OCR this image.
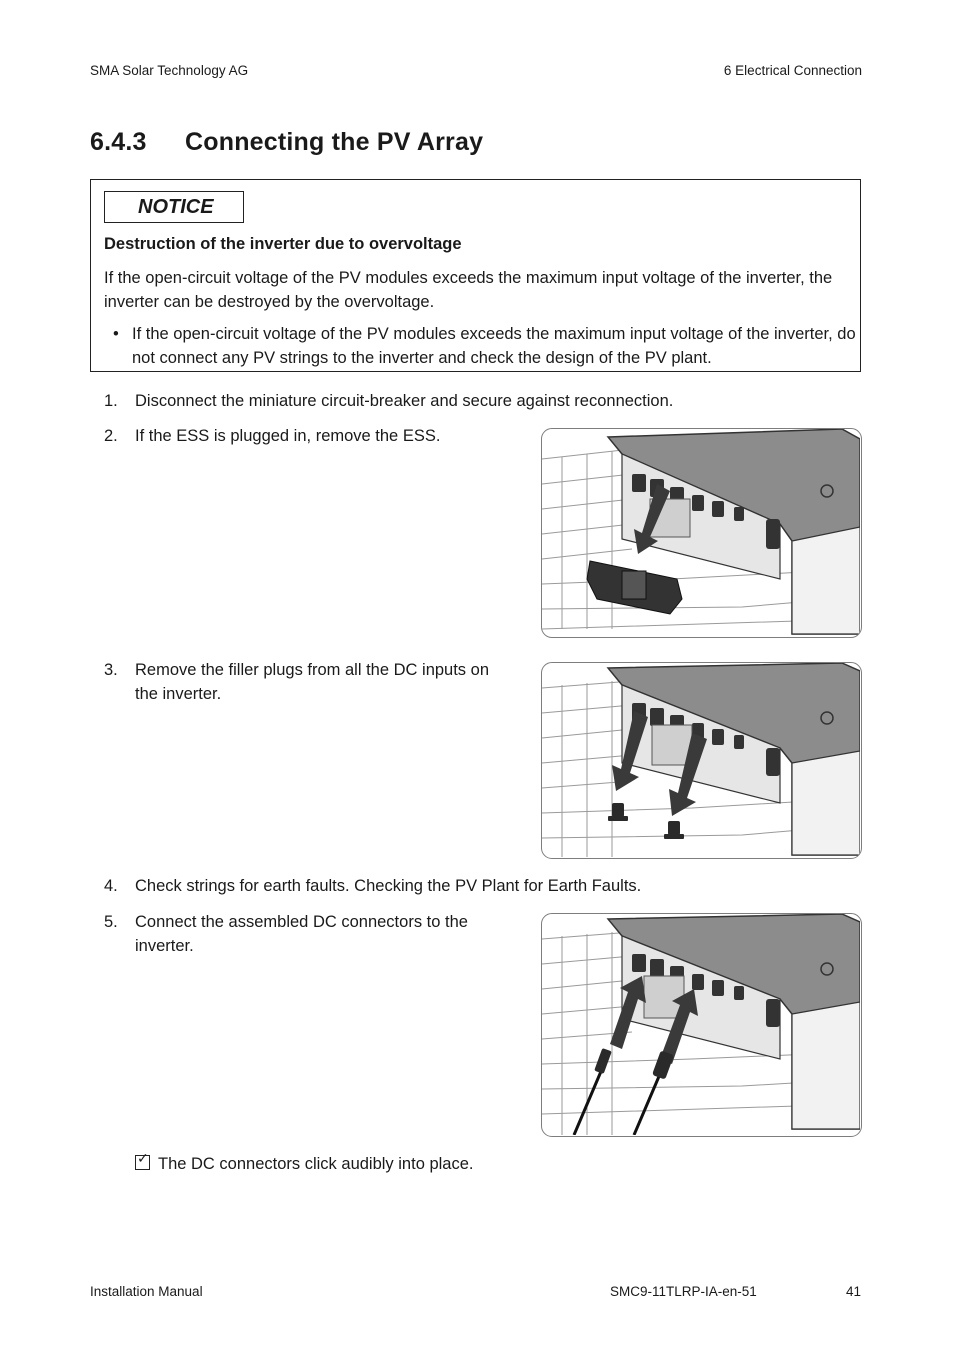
SMA Solar Technology AG	6 Electrical Connection
6.4.3 Connecting the PV Array
NOTICE
Destruction of the inverter due to overvoltage
If the open-circuit voltage of the PV modules exceeds the maximum input voltage of the inverter, the inverter can be destroyed by the overvoltage.
• If the open-circuit voltage of the PV modules exceeds the maximum input voltage of the inverter, do not connect any PV strings to the inverter and check the design of the PV plant.
1. Disconnect the miniature circuit-breaker and secure against reconnection.
2. If the ESS is plugged in, remove the ESS.
3. Remove the filler plugs from all the DC inputs on the inverter.
4. Check strings for earth faults. Checking the PV Plant for Earth Faults.
5. Connect the assembled DC connectors to the inverter.
✓The DC connectors click audibly into place.
Installation Manual	SMC9-11TLRP-IA-en-51	41
